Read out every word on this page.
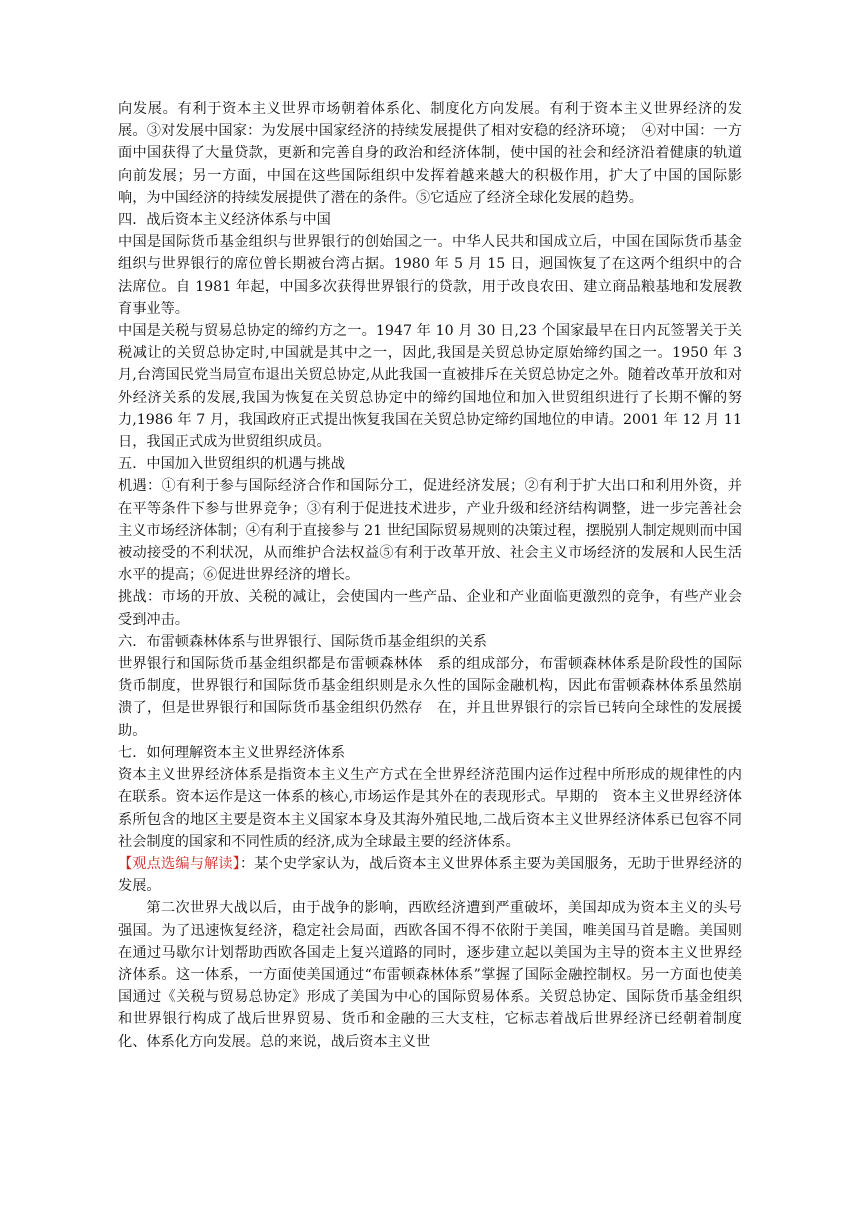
向发展。有利于资本主义世界市场朝着体系化、制度化方向发展。有利于资本主义世界经济的发展。③对发展中国家：为发展中国家经济的持续发展提供了相对安稳的经济环境；　④对中国：一方面中国获得了大量贷款，更新和完善自身的政治和经济体制，使中国的社会和经济沿着健康的轨道向前发展；另一方面，中国在这些国际组织中发挥着越来越大的积极作用，扩大了中国的国际影响，为中国经济的持续发展提供了潜在的条件。⑤它适应了经济全球化发展的趋势。

四．战后资本主义经济体系与中国

中国是国际货币基金组织与世界银行的创始国之一。中华人民共和国成立后，中国在国际货币基金组织与世界银行的席位曾长期被台湾占据。1980 年 5 月 15 日，迥国恢复了在这两个组织中的合法席位。自 1981 年起，中国多次获得世界银行的贷款，用于改良农田、建立商品粮基地和发展教育事业等。

中国是关税与贸易总协定的缔约方之一。1947 年 10 月 30 日,23 个国家最早在日内瓦签署关于关税减让的关贸总协定时,中国就是其中之一，因此,我国是关贸总协定原始缔约国之一。1950 年 3 月,台湾国民党当局宣布退出关贸总协定,从此我国一直被排斥在关贸总协定之外。随着改革开放和对外经济关系的发展,我国为恢复在关贸总协定中的缔约国地位和加入世贸组织进行了长期不懈的努力,1986 年 7 月，我国政府正式提出恢复我国在关贸总协定缔约国地位的申请。2001 年 12 月 11 日，我国正式成为世贸组织成员。

五．中国加入世贸组织的机遇与挑战

机遇：①有利于参与国际经济合作和国际分工，促进经济发展；②有利于扩大出口和利用外资，并在平等条件下参与世界竞争；③有利于促进技术进步，产业升级和经济结构调整，进一步完善社会主义市场经济体制；④有利于直接参与 21 世纪国际贸易规则的决策过程，摆脱别人制定规则而中国被动接受的不利状况，从而维护合法权益⑤有利于改革开放、社会主义市场经济的发展和人民生活水平的提高；⑥促进世界经济的增长。

挑战：市场的开放、关税的减让，会使国内一些产品、企业和产业面临更激烈的竞争，有些产业会受到冲击。

六．布雷顿森林体系与世界银行、国际货币基金组织的关系

世界银行和国际货币基金组织都是布雷顿森林体　系的组成部分，布雷顿森林体系是阶段性的国际货币制度，世界银行和国际货币基金组织则是永久性的国际金融机构，因此布雷顿森林体系虽然崩溃了，但是世界银行和国际货币基金组织仍然存　在，并且世界银行的宗旨已转向全球性的发展援助。

七．如何理解资本主义世界经济体系

资本主义世界经济体系是指资本主义生产方式在全世界经济范围内运作过程中所形成的规律性的内在联系。资本运作是这一体系的核心,市场运作是其外在的表现形式。早期的　资本主义世界经济体系所包含的地区主要是资本主义国家本身及其海外殖民地,二战后资本主义世界经济体系已包容不同社会制度的国家和不同性质的经济,成为全球最主要的经济体系。

【观点选编与解读】：某个史学家认为，战后资本主义世界体系主要为美国服务，无助于世界经济的发展。

第二次世界大战以后，由于战争的影响，西欧经济遭到严重破坏，美国却成为资本主义的头号强国。为了迅速恢复经济，稳定社会局面，西欧各国不得不依附于美国，唯美国马首是瞻。美国则在通过马歇尔计划帮助西欧各国走上复兴道路的同时，逐步建立起以美国为主导的资本主义世界经济体系。这一体系，一方面使美国通过“布雷顿森林体系”掌握了国际金融控制权。另一方面也使美国通过《关税与贸易总协定》形成了美国为中心的国际贸易体系。关贸总协定、国际货币基金组织和世界银行构成了战后世界贸易、货币和金融的三大支柱，它标志着战后世界经济已经朝着制度化、体系化方向发展。总的来说，战后资本主义世
